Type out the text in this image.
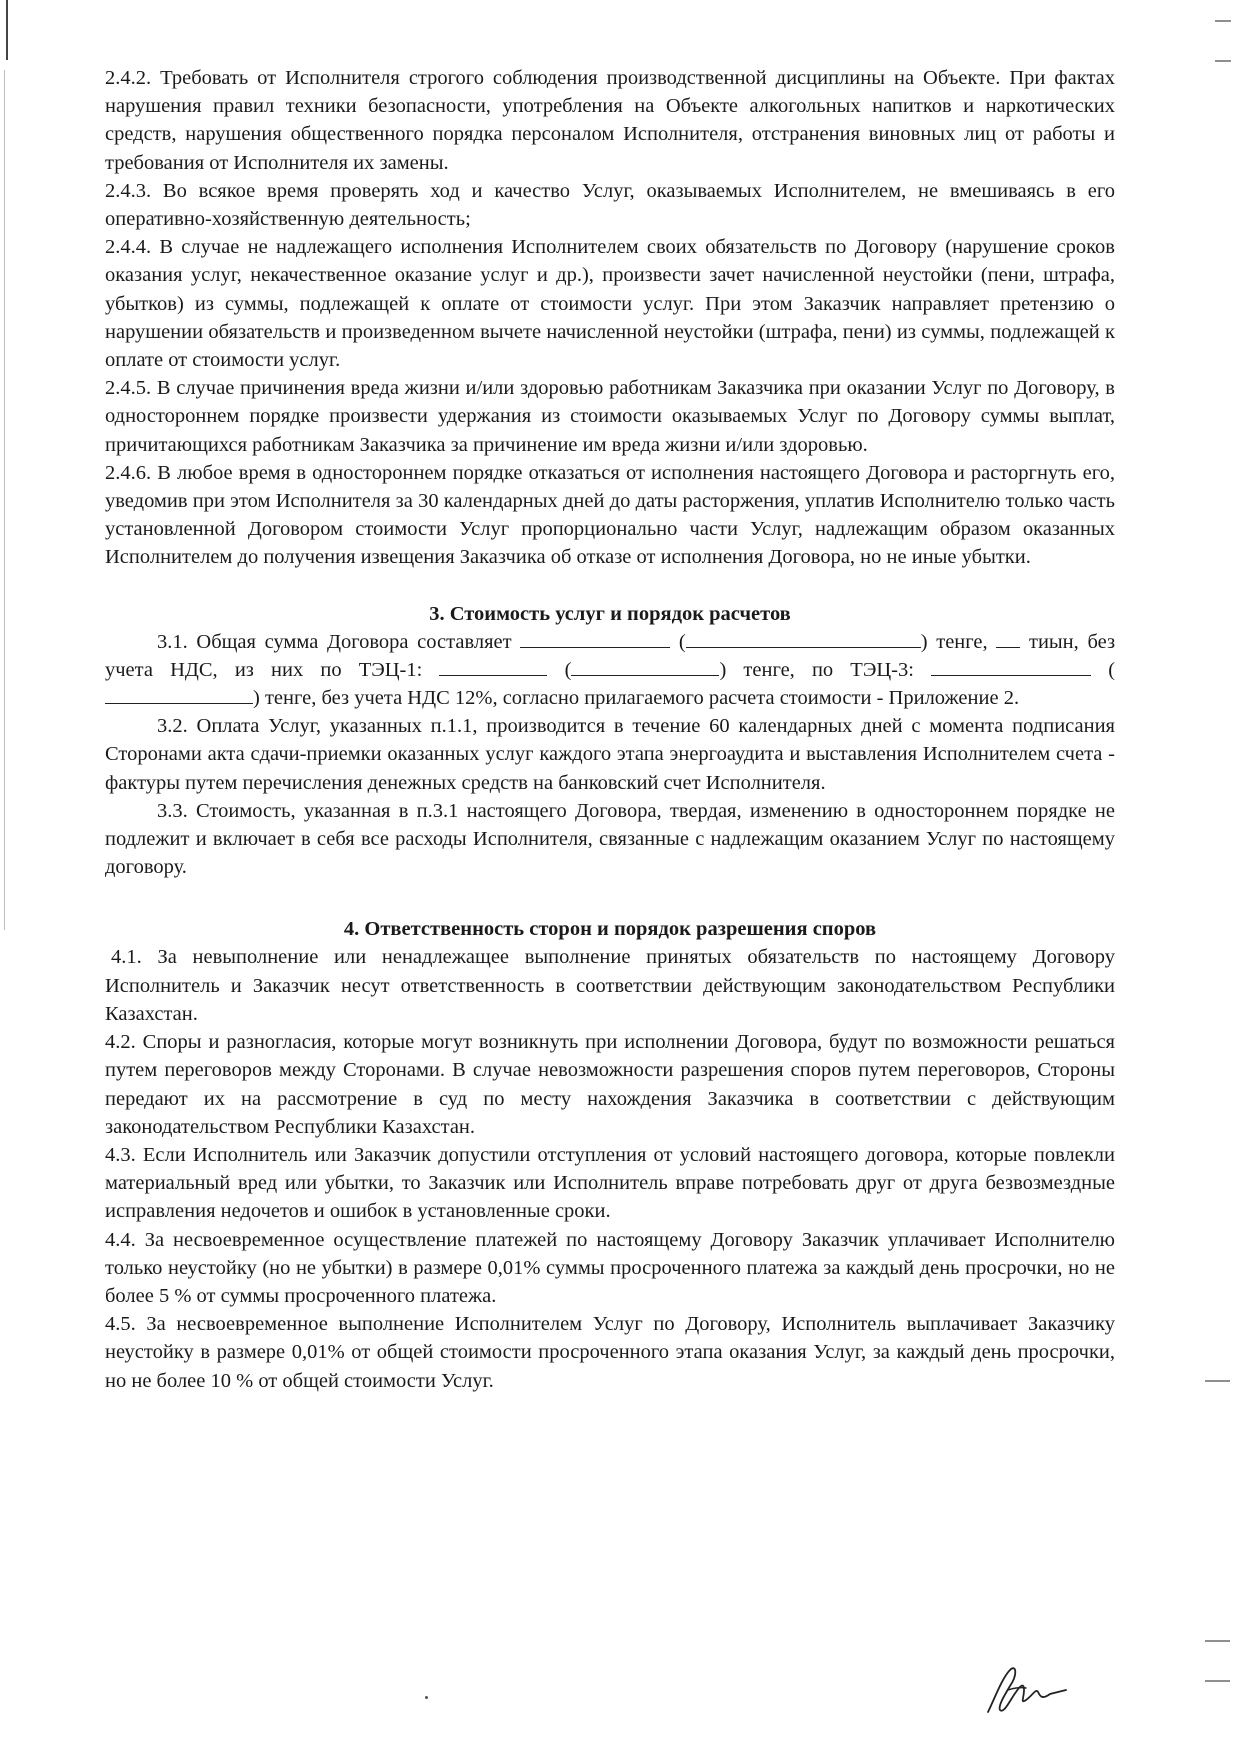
2.4.2. Требовать от Исполнителя строгого соблюдения производственной дисциплины на Объекте. При фактах нарушения правил техники безопасности, употребления на Объекте алкогольных напитков и наркотических средств, нарушения общественного порядка персоналом Исполнителя, отстранения виновных лиц от работы и требования от Исполнителя их замены.

2.4.3. Во всякое время проверять ход и качество Услуг, оказываемых Исполнителем, не вмешиваясь в его оперативно-хозяйственную деятельность;

2.4.4. В случае не надлежащего исполнения Исполнителем своих обязательств по Договору (нарушение сроков оказания услуг, некачественное оказание услуг и др.), произвести зачет начисленной неустойки (пени, штрафа, убытков) из суммы, подлежащей к оплате от стоимости услуг. При этом Заказчик направляет претензию о нарушении обязательств и произведенном вычете начисленной неустойки (штрафа, пени) из суммы, подлежащей к оплате от стоимости услуг.

2.4.5. В случае причинения вреда жизни и/или здоровью работникам Заказчика при оказании Услуг по Договору, в одностороннем порядке произвести удержания из стоимости оказываемых Услуг по Договору суммы выплат, причитающихся работникам Заказчика за причинение им вреда жизни и/или здоровью.

2.4.6. В любое время в одностороннем порядке отказаться от исполнения настоящего Договора и расторгнуть его, уведомив при этом Исполнителя за 30 календарных дней до даты расторжения, уплатив Исполнителю только часть установленной Договором стоимости Услуг пропорционально части Услуг, надлежащим образом оказанных Исполнителем до получения извещения Заказчика об отказе от исполнения Договора, но не иные убытки.

3. Стоимость услуг и порядок расчетов

3.1. Общая сумма Договора составляет	(	) тенге, тиын, без учета НДС, из них по ТЭЦ-1:	(	) тенге, по ТЭЦ-3:	() тенге, без учета НДС 12%, согласно прилагаемого расчета стоимости - Приложение 2.

3.2. Оплата Услуг, указанных п.1.1, производится в течение 60 календарных дней с момента подписания Сторонами акта сдачи-приемки оказанных услуг каждого этапа энергоаудита и выставления Исполнителем счета - фактуры путем перечисления денежных средств на банковский счет Исполнителя.

3.3. Стоимость, указанная в п.3.1 настоящего Договора, твердая, изменению в одностороннем порядке не подлежит и включает в себя все расходы Исполнителя, связанные с надлежащим оказанием Услуг по настоящему договору.

4. Ответственность сторон и порядок разрешения споров

4.1. За невыполнение или ненадлежащее выполнение принятых обязательств по настоящему Договору Исполнитель и Заказчик несут ответственность в соответствии действующим законодательством Республики Казахстан.

4.2. Споры и разногласия, которые могут возникнуть при исполнении Договора, будут по возможности решаться путем переговоров между Сторонами. В случае невозможности разрешения споров путем переговоров, Стороны передают их на рассмотрение в суд по месту нахождения Заказчика в соответствии с действующим законодательством Республики Казахстан.

4.3. Если Исполнитель или Заказчик допустили отступления от условий настоящего договора, которые повлекли материальный вред или убытки, то Заказчик или Исполнитель вправе потребовать друг от друга безвозмездные исправления недочетов и ошибок в установленные сроки.

4.4. За несвоевременное осуществление платежей по настоящему Договору Заказчик уплачивает Исполнителю только неустойку (но не убытки) в размере 0,01% суммы просроченного платежа за каждый день просрочки, но не более 5 % от суммы просроченного платежа.

4.5. За несвоевременное выполнение Исполнителем Услуг по Договору, Исполнитель выплачивает Заказчику неустойку в размере 0,01% от общей стоимости просроченного этапа оказания Услуг, за каждый день просрочки, но не более 10 % от общей стоимости Услуг.
